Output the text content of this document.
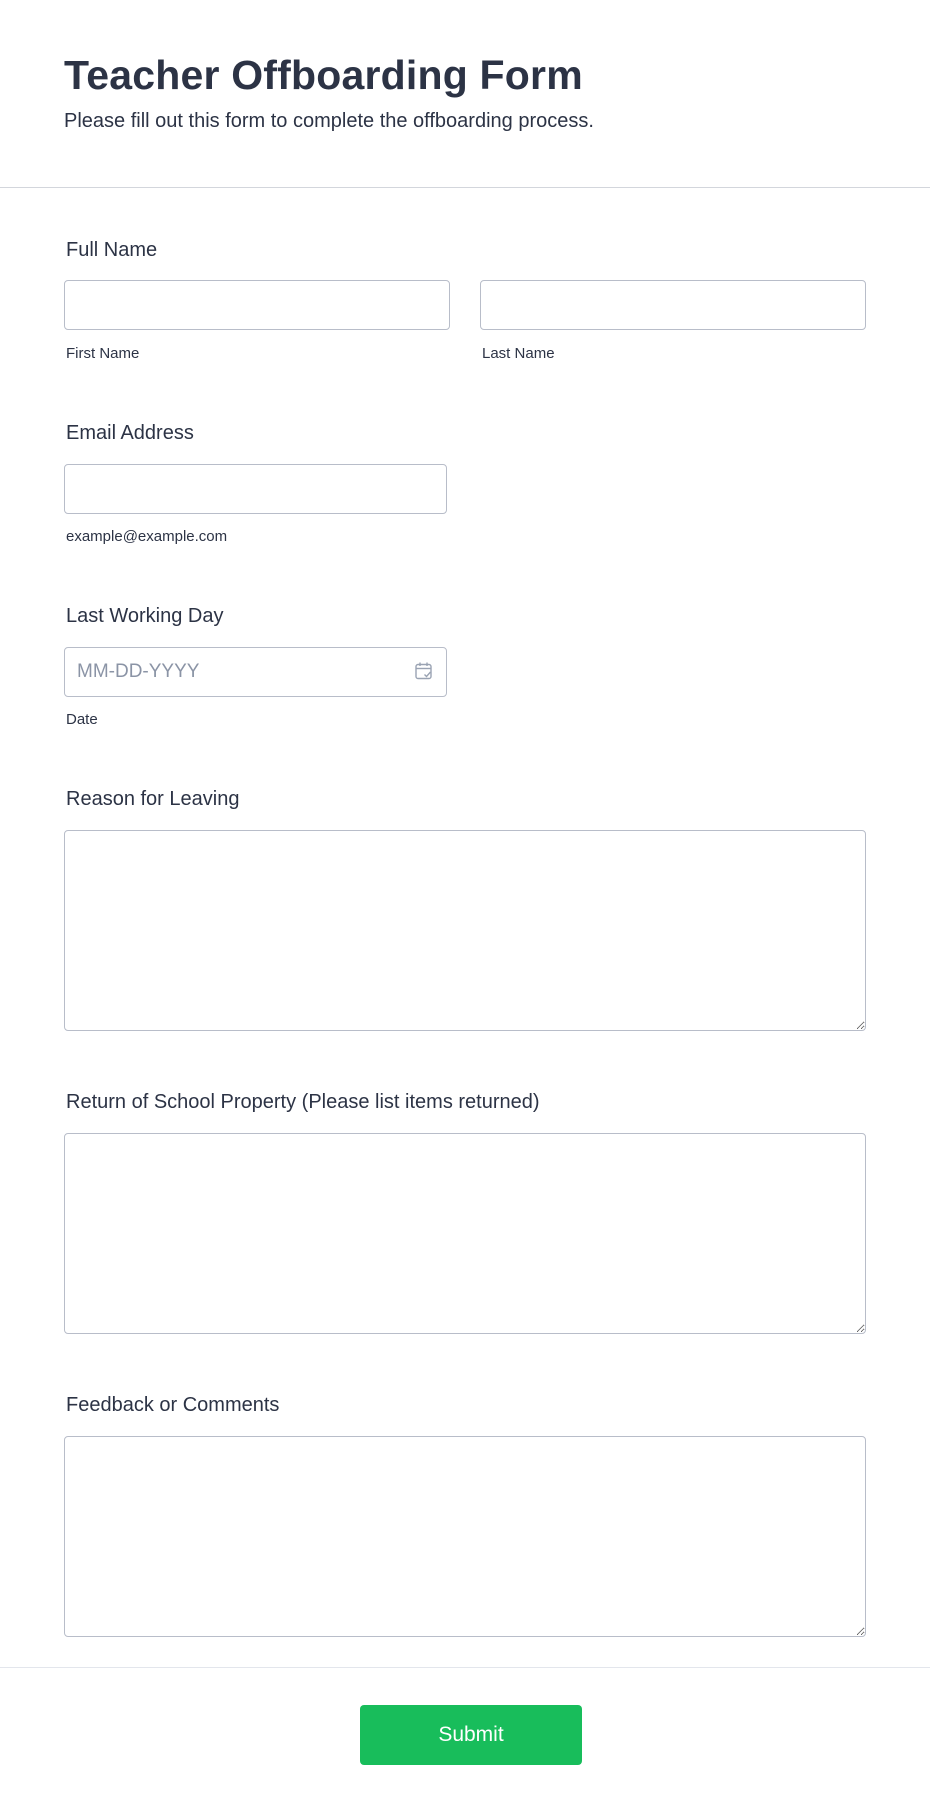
Teacher Offboarding Form

Please fill out this form to complete the offboarding process.

Full Name
First Name	Last Name
Email Address
example@example.com
Last Working Day
MM-DD-YYYY
Date
Reason for Leaving
Return of School Property (Please list items returned)
Feedback or Comments
Submit
